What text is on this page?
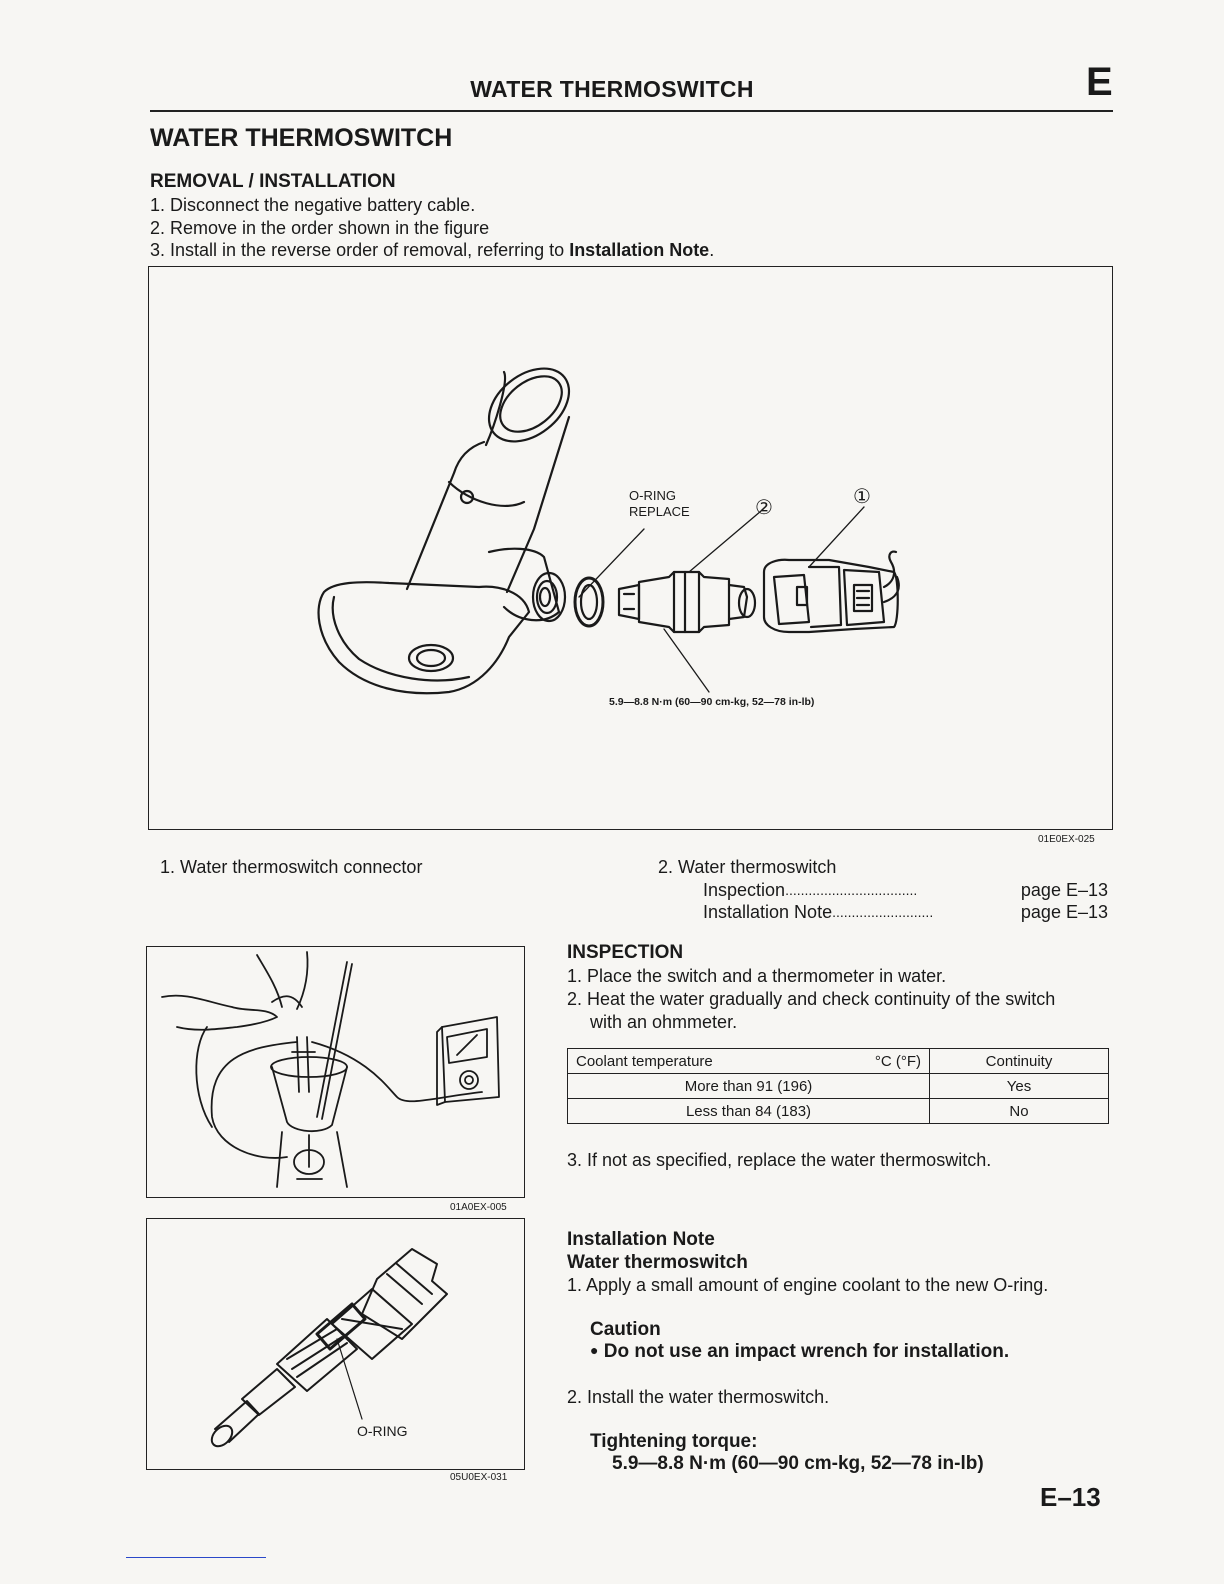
WATER THERMOSWITCH	E
WATER THERMOSWITCH
REMOVAL / INSTALLATION
1. Disconnect the negative battery cable.
2. Remove in the order shown in the figure
3. Install in the reverse order of removal, referring to Installation Note.
O-RING
REPLACE	②	①
5.9—8.8 N·m (60—90 cm-kg, 52—78 in-lb)
01E0EX-025
1. Water thermoswitch connector	2. Water thermoswitch
Inspection ..................................	page E–13
Installation Note ..........................	page E–13
01A0EX-005
O-RING
05U0EX-031
INSPECTION
1. Place the switch and a thermometer in water.
2. Heat the water gradually and check continuity of the switch
with an ohmmeter.
Coolant temperature °C (°F)	Continuity
More than 91 (196)	Yes
Less than 84 (183)	No
3. If not as specified, replace the water thermoswitch.
Installation Note
Water thermoswitch
1. Apply a small amount of engine coolant to the new O-ring.
Caution
● Do not use an impact wrench for installation.
2. Install the water thermoswitch.
Tightening torque:
5.9—8.8 N·m (60—90 cm-kg, 52—78 in-lb)
E–13
